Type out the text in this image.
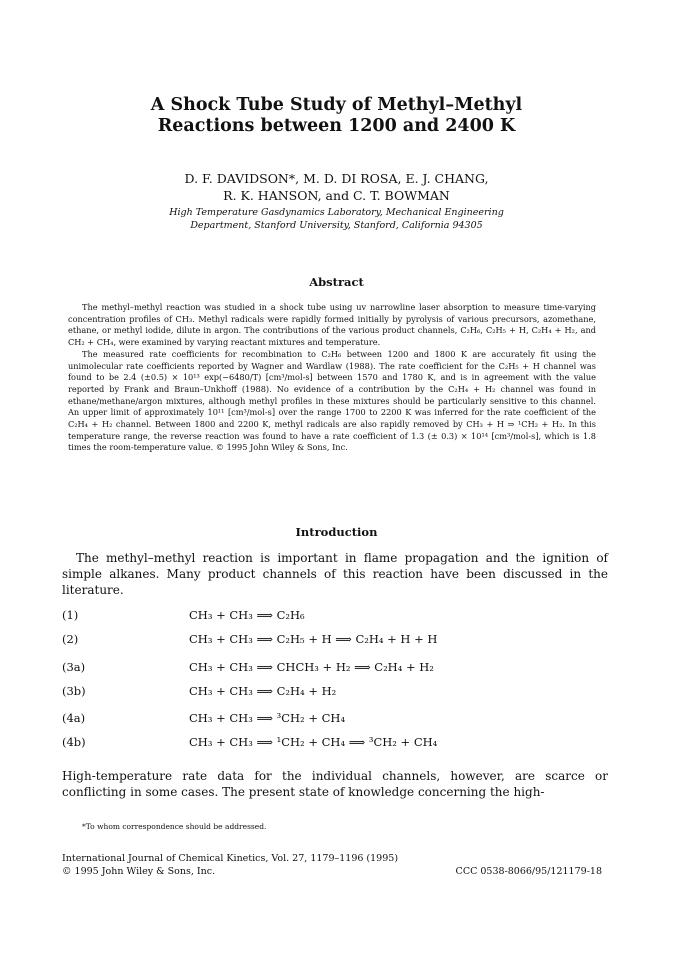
A Shock Tube Study of Methyl–Methyl
Reactions between 1200 and 2400 K
D. F. DAVIDSON*, M. D. DI ROSA, E. J. CHANG,
R. K. HANSON, and C. T. BOWMAN
High Temperature Gasdynamics Laboratory, Mechanical Engineering
Department, Stanford University, Stanford, California 94305
Abstract

The methyl–methyl reaction was studied in a shock tube using uv narrowline laser absorption to measure time-varying concentration profiles of CH₃. Methyl radicals were rapidly formed initially by pyrolysis of various precursors, azomethane, ethane, or methyl iodide, dilute in argon. The contributions of the various product channels, C₂H₆, C₂H₅ + H, C₂H₄ + H₂, and CH₂ + CH₄, were examined by varying reactant mixtures and temperature.

The measured rate coefficients for recombination to C₂H₆ between 1200 and 1800 K are accurately fit using the unimolecular rate coefficients reported by Wagner and Wardlaw (1988). The rate coefficient for the C₂H₅ + H channel was found to be 2.4 (±0.5) × 10¹³ exp(−6480/T) [cm³/mol-s] between 1570 and 1780 K, and is in agreement with the value reported by Frank and Braun–Unkhoff (1988). No evidence of a contribution by the C₂H₄ + H₂ channel was found in ethane/methane/argon mixtures, although methyl profiles in these mixtures should be particularly sensitive to this channel. An upper limit of approximately 10¹¹ [cm³/mol-s] over the range 1700 to 2200 K was inferred for the rate coefficient of the C₂H₄ + H₂ channel. Between 1800 and 2200 K, methyl radicals are also rapidly removed by CH₃ + H ⇒ ¹CH₂ + H₂. In this temperature range, the reverse reaction was found to have a rate coefficient of 1.3 (± 0.3) × 10¹⁴ [cm³/mol-s], which is 1.8 times the room-temperature value. © 1995 John Wiley & Sons, Inc.

Introduction

The methyl–methyl reaction is important in flame propagation and the ignition of simple alkanes. Many product channels of this reaction have been discussed in the literature.

(1)	CH₃ + CH₃ ⟹ C₂H₆
(2)	CH₃ + CH₃ ⟹ C₂H₅ + H ⟹ C₂H₄ + H + H
(3a)	CH₃ + CH₃ ⟹ CHCH₃ + H₂ ⟹ C₂H₄ + H₂
(3b)	CH₃ + CH₃ ⟹ C₂H₄ + H₂
(4a)	CH₃ + CH₃ ⟹ ³CH₂ + CH₄
(4b)	CH₃ + CH₃ ⟹ ¹CH₂ + CH₄ ⟹ ³CH₂ + CH₄

High-temperature rate data for the individual channels, however, are scarce or conflicting in some cases. The present state of knowledge concerning the high-

*To whom correspondence should be addressed.
International Journal of Chemical Kinetics, Vol. 27, 1179–1196 (1995)
© 1995 John Wiley & Sons, Inc.	CCC 0538-8066/95/121179-18
